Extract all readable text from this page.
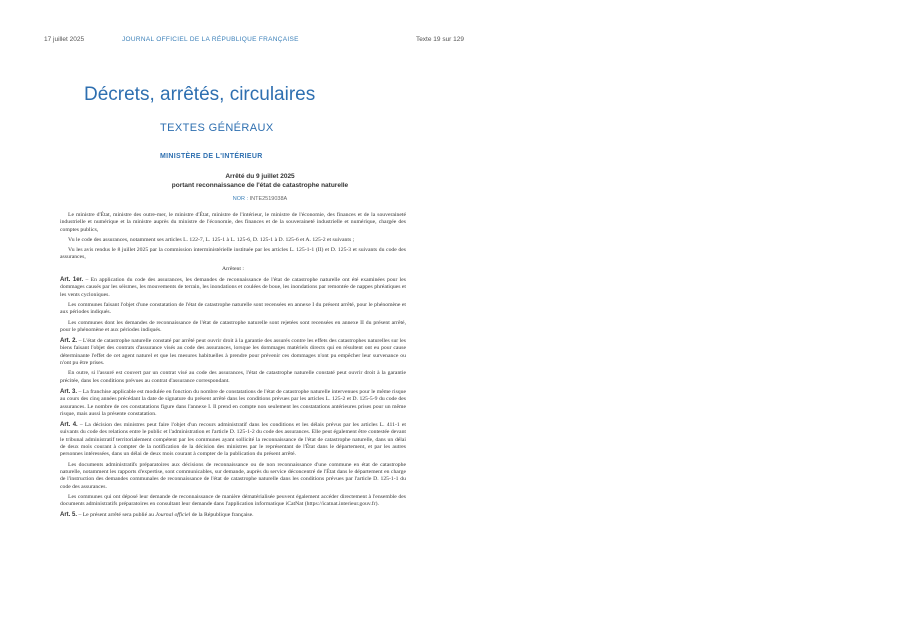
17 juillet 2025	JOURNAL OFFICIEL DE LA RÉPUBLIQUE FRANÇAISE	Texte 19 sur 129
Décrets, arrêtés, circulaires
TEXTES GÉNÉRAUX
MINISTÈRE DE L'INTÉRIEUR
Arrêté du 9 juillet 2025
portant reconnaissance de l'état de catastrophe naturelle
NOR : INTE2519038A

Le ministre d'État, ministre des outre-mer, le ministre d'État, ministre de l'intérieur, le ministre de l'économie, des finances et de la souveraineté industrielle et numérique et la ministre auprès du ministre de l'économie, des finances et de la souveraineté industrielle et numérique, chargée des comptes publics,

Vu le code des assurances, notamment ses articles L. 122-7, L. 125-1 à L. 125-6, D. 125-1 à D. 125-6 et A. 125-2 et suivants ;

Vu les avis rendus le 8 juillet 2025 par la commission interministérielle instituée par les articles L. 125-1-1 (II) et D. 125-3 et suivants du code des assurances,

Arrêtent :

Art. 1er. – En application du code des assurances, les demandes de reconnaissance de l'état de catastrophe naturelle ont été examinées pour les dommages causés par les séismes, les mouvements de terrain, les inondations et coulées de boue, les inondations par remontée de nappes phréatiques et les vents cycloniques.

Les communes faisant l'objet d'une constatation de l'état de catastrophe naturelle sont recensées en annexe I du présent arrêté, pour le phénomène et aux périodes indiqués.

Les communes dont les demandes de reconnaissance de l'état de catastrophe naturelle sont rejetées sont recensées en annexe II du présent arrêté, pour le phénomène et aux périodes indiqués.

Art. 2. – L'état de catastrophe naturelle constaté par arrêté peut ouvrir droit à la garantie des assurés contre les effets des catastrophes naturelles sur les biens faisant l'objet des contrats d'assurance visés au code des assurances, lorsque les dommages matériels directs qui en résultent ont eu pour cause déterminante l'effet de cet agent naturel et que les mesures habituelles à prendre pour prévenir ces dommages n'ont pu empêcher leur survenance ou n'ont pu être prises.

En outre, si l'assuré est couvert par un contrat visé au code des assurances, l'état de catastrophe naturelle constaté peut ouvrir droit à la garantie précitée, dans les conditions prévues au contrat d'assurance correspondant.

Art. 3. – La franchise applicable est modulée en fonction du nombre de constatations de l'état de catastrophe naturelle intervenues pour le même risque au cours des cinq années précédant la date de signature du présent arrêté dans les conditions prévues par les articles L. 125-2 et D. 125-5-9 du code des assurances. Le nombre de ces constatations figure dans l'annexe I. Il prend en compte non seulement les constatations antérieures prises pour un même risque, mais aussi la présente constatation.

Art. 4. – La décision des ministres peut faire l'objet d'un recours administratif dans les conditions et les délais prévus par les articles L. 411-1 et suivants du code des relations entre le public et l'administration et l'article D. 125-1-2 du code des assurances. Elle peut également être contestée devant le tribunal administratif territorialement compétent par les communes ayant sollicité la reconnaissance de l'état de catastrophe naturelle, dans un délai de deux mois courant à compter de la notification de la décision des ministres par le représentant de l'État dans le département, et par les autres personnes intéressées, dans un délai de deux mois courant à compter de la publication du présent arrêté.

Les documents administratifs préparatoires aux décisions de reconnaissance ou de non reconnaissance d'une commune en état de catastrophe naturelle, notamment les rapports d'expertise, sont communicables, sur demande, auprès du service déconcentré de l'État dans le département en charge de l'instruction des demandes communales de reconnaissance de l'état de catastrophe naturelle dans les conditions prévues par l'article D. 125-1-1 du code des assurances.

Les communes qui ont déposé leur demande de reconnaissance de manière dématérialisée peuvent également accéder directement à l'ensemble des documents administratifs préparatoires en consultant leur demande dans l'application informatique iCatNat (https://icatnat.interieur.gouv.fr).

Art. 5. – Le présent arrêté sera publié au Journal officiel de la République française.
